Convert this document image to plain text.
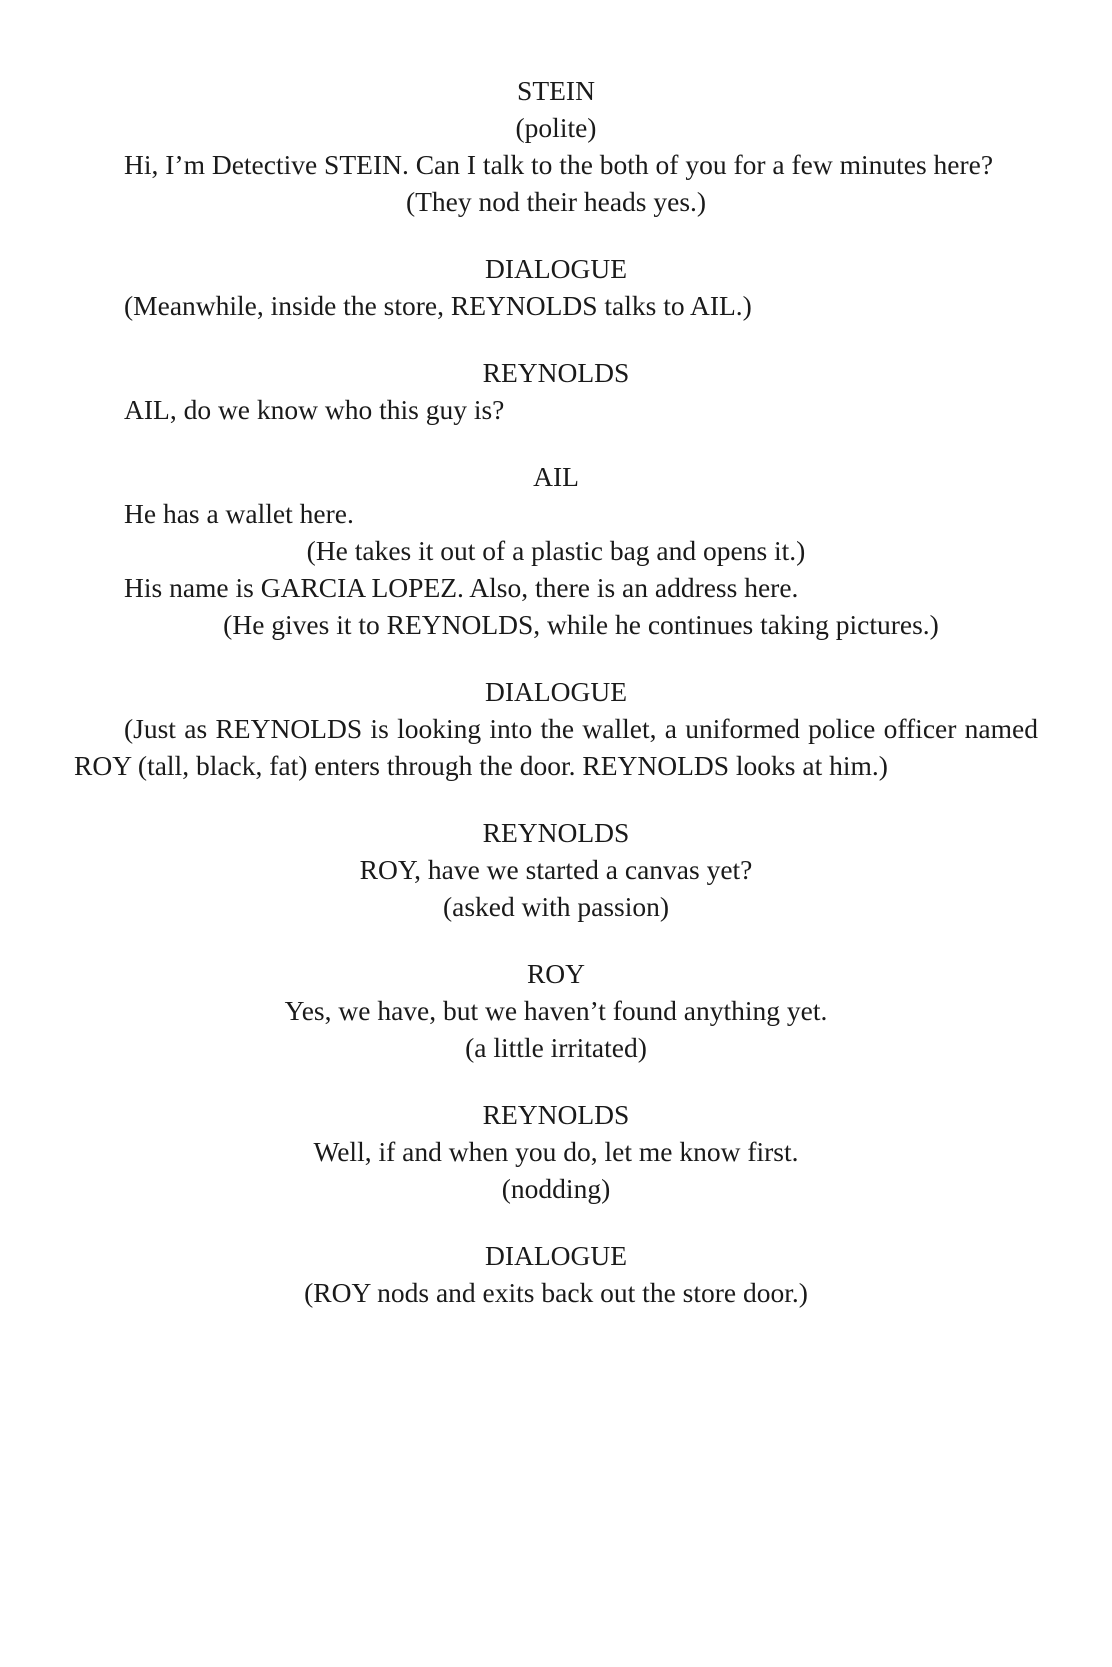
STEIN
(polite)
Hi, I’m Detective STEIN. Can I talk to the both of you for a few minutes here?
(They nod their heads yes.)
DIALOGUE
(Meanwhile, inside the store, REYNOLDS talks to AIL.)
REYNOLDS
AIL, do we know who this guy is?
AIL
He has a wallet here.
(He takes it out of a plastic bag and opens it.)
His name is GARCIA LOPEZ. Also, there is an address here.
(He gives it to REYNOLDS, while he continues taking pictures.)
DIALOGUE
(Just as REYNOLDS is looking into the wallet, a uniformed police officer named ROY (tall, black, fat) enters through the door. REYNOLDS looks at him.)
REYNOLDS
ROY, have we started a canvas yet?
(asked with passion)
ROY
Yes, we have, but we haven’t found anything yet.
(a little irritated)
REYNOLDS
Well, if and when you do, let me know first.
(nodding)
DIALOGUE
(ROY nods and exits back out the store door.)
